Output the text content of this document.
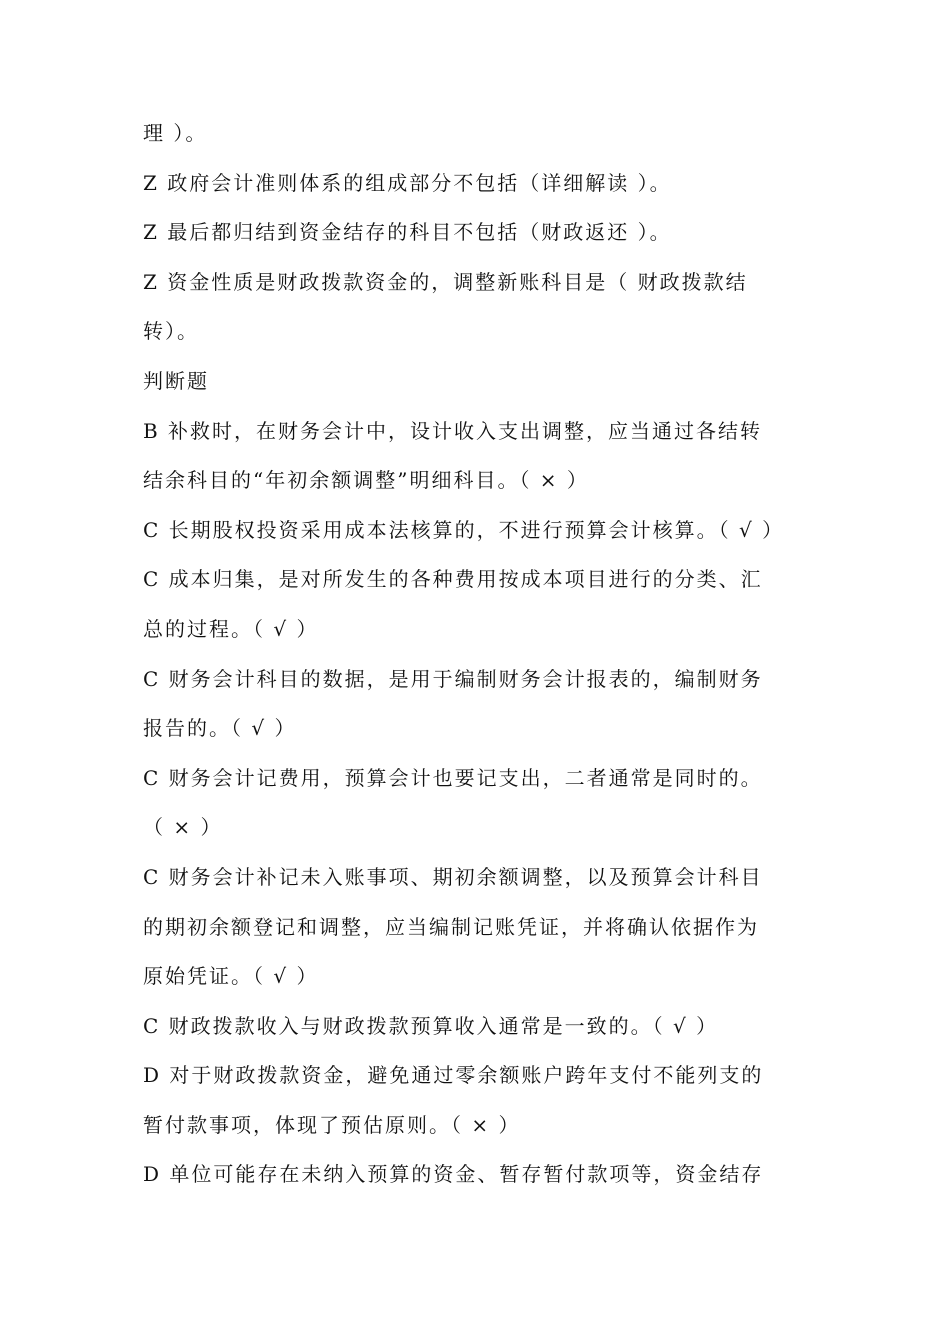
理 ）。
Z 政府会计准则体系的组成部分不包括（详细解读 ）。
Z 最后都归结到资金结存的科目不包括（财政返还 ）。
Z 资金性质是财政拨款资金的，调整新账科目是（ 财政拨款结
转）。
判断题
B 补救时，在财务会计中，设计收入支出调整，应当通过各结转
结余科目的“年初余额调整”明细科目。（ × ）
C 长期股权投资采用成本法核算的，不进行预算会计核算。（ √ ）
C 成本归集，是对所发生的各种费用按成本项目进行的分类、汇
总的过程。（ √ ）
C 财务会计科目的数据，是用于编制财务会计报表的，编制财务
报告的。（ √ ）
C 财务会计记费用，预算会计也要记支出，二者通常是同时的。
（ × ）
C 财务会计补记未入账事项、期初余额调整，以及预算会计科目
的期初余额登记和调整，应当编制记账凭证，并将确认依据作为
原始凭证。（ √ ）
C 财政拨款收入与财政拨款预算收入通常是一致的。（ √ ）
D 对于财政拨款资金，避免通过零余额账户跨年支付不能列支的
暂付款事项，体现了预估原则。（ × ）
D 单位可能存在未纳入预算的资金、暂存暂付款项等，资金结存
